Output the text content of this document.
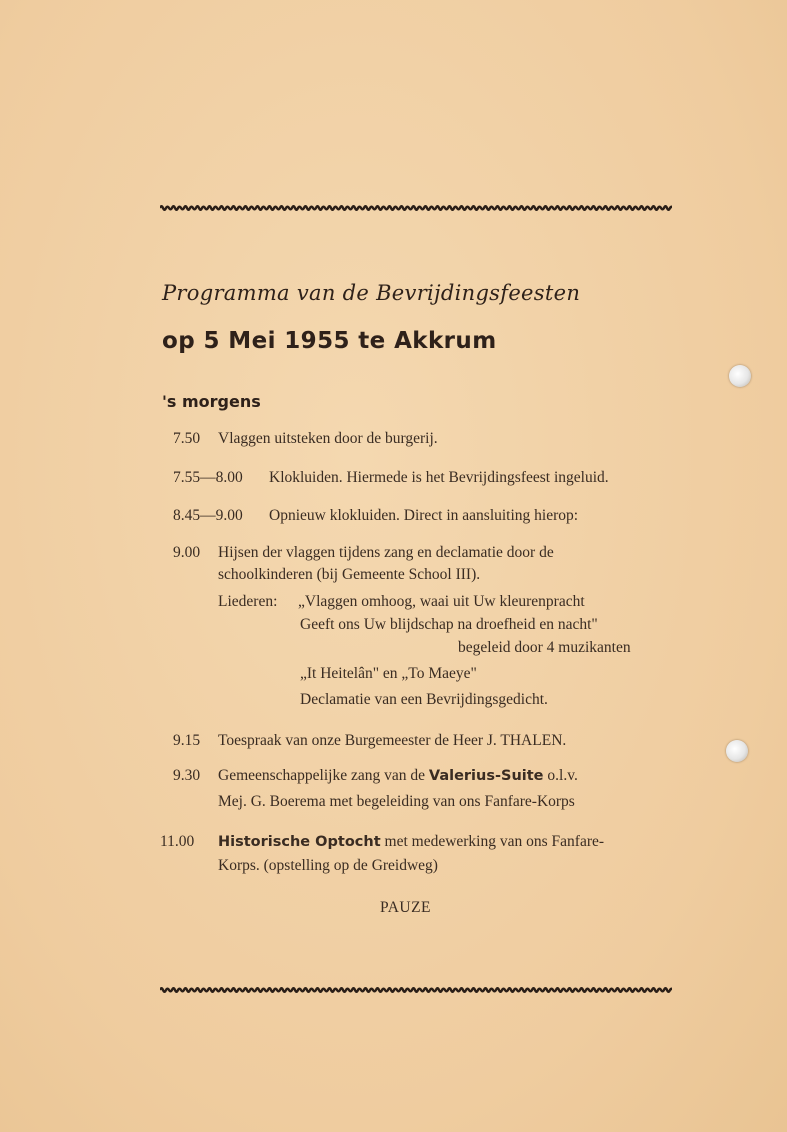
Programma van de Bevrijdingsfeesten
op 5 Mei 1955 te Akkrum
's morgens
7.50 Vlaggen uitsteken door de burgerij.
7.55—8.00 Klokluiden. Hiermede is het Bevrijdingsfeest ingeluid.
8.45—9.00 Opnieuw klokluiden. Direct in aansluiting hierop:
9.00 Hijsen der vlaggen tijdens zang en declamatie door de
schoolkinderen (bij Gemeente School III).
Liederen: „Vlaggen omhoog, waai uit Uw kleurenpracht
Geeft ons Uw blijdschap na droefheid en nacht"
begeleid door 4 muzikanten
„It Heitelân" en „To Maeye"
Declamatie van een Bevrijdingsgedicht.
9.15 Toespraak van onze Burgemeester de Heer J. THALEN.
9.30 Gemeenschappelijke zang van de Valerius-Suite o.l.v.
Mej. G. Boerema met begeleiding van ons Fanfare-Korps
11.00 Historische Optocht met medewerking van ons Fanfare-
Korps. (opstelling op de Greidweg)
PAUZE
